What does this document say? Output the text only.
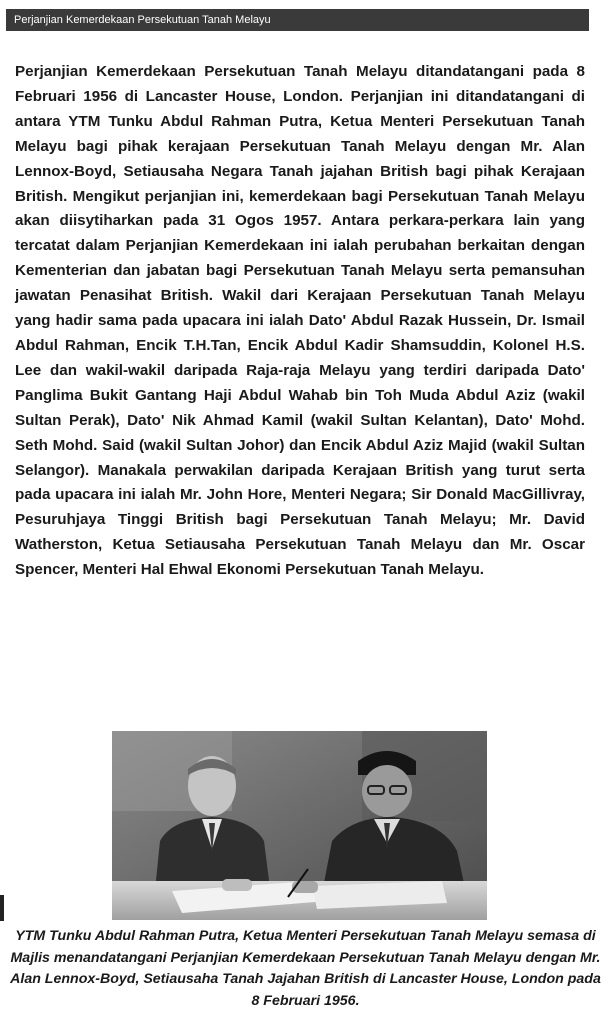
Perjanjian Kemerdekaan Persekutuan Tanah Melayu

Perjanjian Kemerdekaan Persekutuan Tanah Melayu ditandatangani pada 8 Februari 1956 di Lancaster House, London. Perjanjian ini ditandatangani di antara YTM Tunku Abdul Rahman Putra, Ketua Menteri Persekutuan Tanah Melayu bagi pihak kerajaan Persekutuan Tanah Melayu dengan Mr. Alan Lennox-Boyd, Setiausaha Negara Tanah jajahan British bagi pihak Kerajaan British. Mengikut perjanjian ini, kemerdekaan bagi Persekutuan Tanah Melayu akan diisytiharkan pada 31 Ogos 1957. Antara perkara-perkara lain yang tercatat dalam Perjanjian Kemerdekaan ini ialah perubahan berkaitan dengan Kementerian dan jabatan bagi Persekutuan Tanah Melayu serta pemansuhan jawatan Penasihat British. Wakil dari Kerajaan Persekutuan Tanah Melayu yang hadir sama pada upacara ini ialah Dato' Abdul Razak Hussein, Dr. Ismail Abdul Rahman, Encik T.H.Tan, Encik Abdul Kadir Shamsuddin, Kolonel H.S. Lee dan wakil-wakil daripada Raja-raja Melayu yang terdiri daripada Dato' Panglima Bukit Gantang Haji Abdul Wahab bin Toh Muda Abdul Aziz (wakil Sultan Perak), Dato' Nik Ahmad Kamil (wakil Sultan Kelantan), Dato' Mohd. Seth Mohd. Said (wakil Sultan Johor) dan Encik Abdul Aziz Majid (wakil Sultan Selangor). Manakala perwakilan daripada Kerajaan British yang turut serta pada upacara ini ialah Mr. John Hore, Menteri Negara; Sir Donald MacGillivray, Pesuruhjaya Tinggi British bagi Persekutuan Tanah Melayu; Mr. David Watherston, Ketua Setiausaha Persekutuan Tanah Melayu dan Mr. Oscar Spencer, Menteri Hal Ehwal Ekonomi Persekutuan Tanah Melayu.

YTM Tunku Abdul Rahman Putra, Ketua Menteri Persekutuan Tanah Melayu semasa di Majlis menandatangani Perjanjian Kemerdekaan Persekutuan Tanah Melayu dengan Mr. Alan Lennox-Boyd, Setiausaha Tanah Jajahan British di Lancaster House, London pada 8 Februari 1956.
